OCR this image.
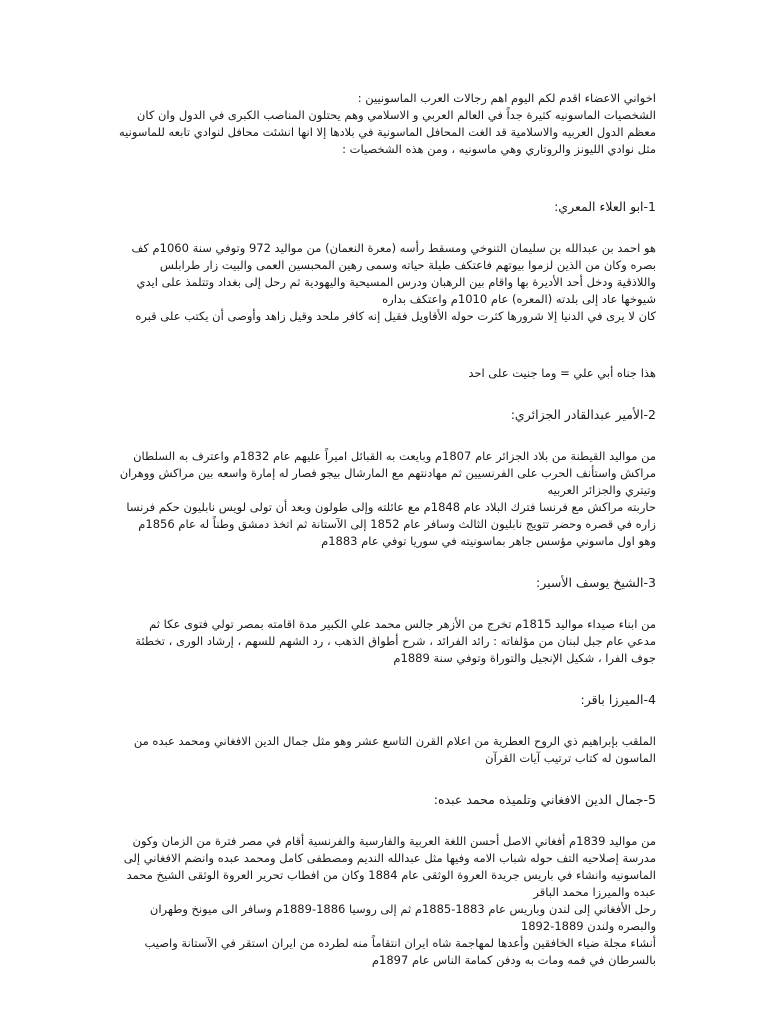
اخواني الاعضاء اقدم لكم اليوم اهم رجالات العرب الماسونيين :
الشخصيات الماسونيه كثيرة جداً في العالم العربي و الاسلامي وهم يحتلون المناصب الكبرى في الدول وان كان
معظم الدول العربيه والاسلامية قد الغت المحافل الماسونية في بلادها إلا انها انشئت محافل لنوادي تابعه للماسونيه
مثل نوادي الليونز والروتاري وهي ماسونيه ، ومن هذه الشخصيات :
1-ابو العلاء المعري:
هو احمد بن عبدالله بن سليمان التنوخي ومسقط رأسه (معرة النعمان) من مواليد 972 وتوفي سنة 1060م كف
بصره وكان من الذين لزموا بيوتهم فاعتكف طيلة حياته وسمى رهين المحبسين العمى والبيت زار طرابلس
واللاذقية ودخل أحد الأديرة بها واقام بين الرهبان ودرس المسيحية واليهودية ثم رحل إلى بغداد وتتلمذ على ايدي
شيوخها عاد إلى بلدته (المعره) عام 1010م واعتكف بداره
كان لا يرى في الدنيا إلا شرورها كثرت حوله الأقاويل فقيل إنه كافر ملحد وقيل زاهد وأوصى أن يكتب على قبره
هذا جناه أبي علي = وما جنيت على احد
2-الأمير عبدالقادر الجزائري:
من مواليد القيطنة من بلاد الجزائر عام 1807م وبايعت به القبائل اميراً عليهم عام 1832م واعترف به السلطان
مراكش واستأنف الحرب على الفرنسيين ثم مهادنتهم مع المارشال بيجو فصار له إمارة واسعه بين مراكش ووهران
وتيتري والجزائر العربيه
حاربته مراكش مع فرنسا فترك البلاد عام 1848م مع عائلته وإلى طولون وبعد أن تولى لويس نابليون حكم فرنسا
زاره في قصره وحضر تتويج نابليون الثالث وسافر عام 1852 إلى الآستانة ثم اتخذ دمشق وطناً له عام 1856م
وهو اول ماسوني مؤسس جاهر بماسونيته في سوريا توفي عام 1883م
3-الشيخ يوسف الأسير:
من ابناء صيداء مواليد 1815م تخرج من الأزهر جالس محمد علي الكبير مدة اقامته بمصر تولي فتوى عكا ثم
مدعي عام جبل لبنان من مؤلفاته : رائد الفرائد ، شرح أطواق الذهب ، رد الشهم للسهم ، إرشاد الورى ، تخطئة
جوف الفرا ، شكيل الإنجيل والتوراة وتوفي سنة 1889م
4-الميرزا باقر:
الملقب بإبراهيم ذي الروح العطرية من اعلام القرن التاسع عشر وهو مثل جمال الدين الافغاني ومحمد عبده من
الماسون له كتاب ترتيب آيات القرآن
5-جمال الدين الافغاني وتلميذه محمد عبده:
من مواليد 1839م أفغاني الاصل أحسن اللغة العربية والفارسية والفرنسية أقام في مصر فترة من الزمان وكون
مدرسة إصلاحيه التف حوله شباب الامه وفيها مثل عبدالله النديم ومصطفى كامل ومحمد عبده وانضم الافغاني إلى
الماسونيه وانشاء في باريس جريدة العروة الوثقى عام 1884 وكان من افطاب تحرير العروة الوثقى الشيخ محمد
عبده والميرزا محمد الباقر
رحل الأفغاني إلى لندن وباريس عام 1883-1885م ثم إلى روسيا 1886-1889م وسافر الى ميونخ وطهران
والبصره ولندن 1889-1892
أنشاء مجلة ضياء الخافقين وأعدها لمهاجمة شاه ايران انتقاماً منه لطرده من ايران استقر في الآستانة واصيب
بالسرطان في فمه ومات به ودفن كمامة الناس عام 1897م
